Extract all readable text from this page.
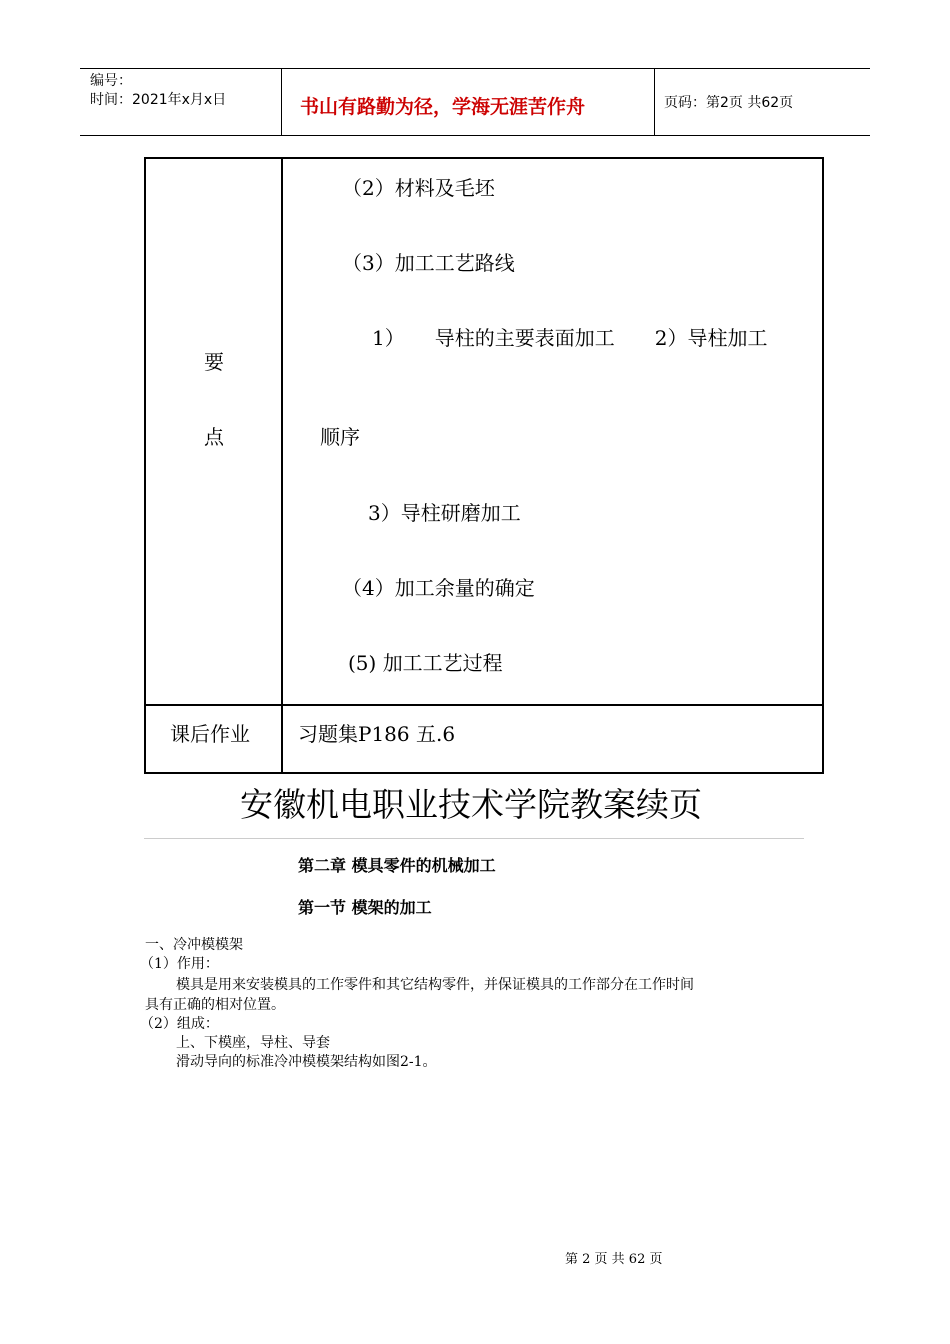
编号：
时间：2021年x月x日	书山有路勤为径，学海无涯苦作舟	页码：第2页 共62页
要
点
（2）材料及毛坯
（3）加工工艺路线
1）　　导柱的主要表面加工　　2）导柱加工
顺序
3）导柱研磨加工
（4）加工余量的确定
(5) 加工工艺过程
课后作业 习题集P186 五.6
安徽机电职业技术学院教案续页
第二章 模具零件的机械加工
第一节 模架的加工
一、冷冲模模架
（1）作用：
模具是用来安装模具的工作零件和其它结构零件，并保证模具的工作部分在工作时间
具有正确的相对位置。
（2）组成：
上、下模座，导柱、导套
滑动导向的标准冷冲模模架结构如图2-1。
第 2 页 共 62 页
